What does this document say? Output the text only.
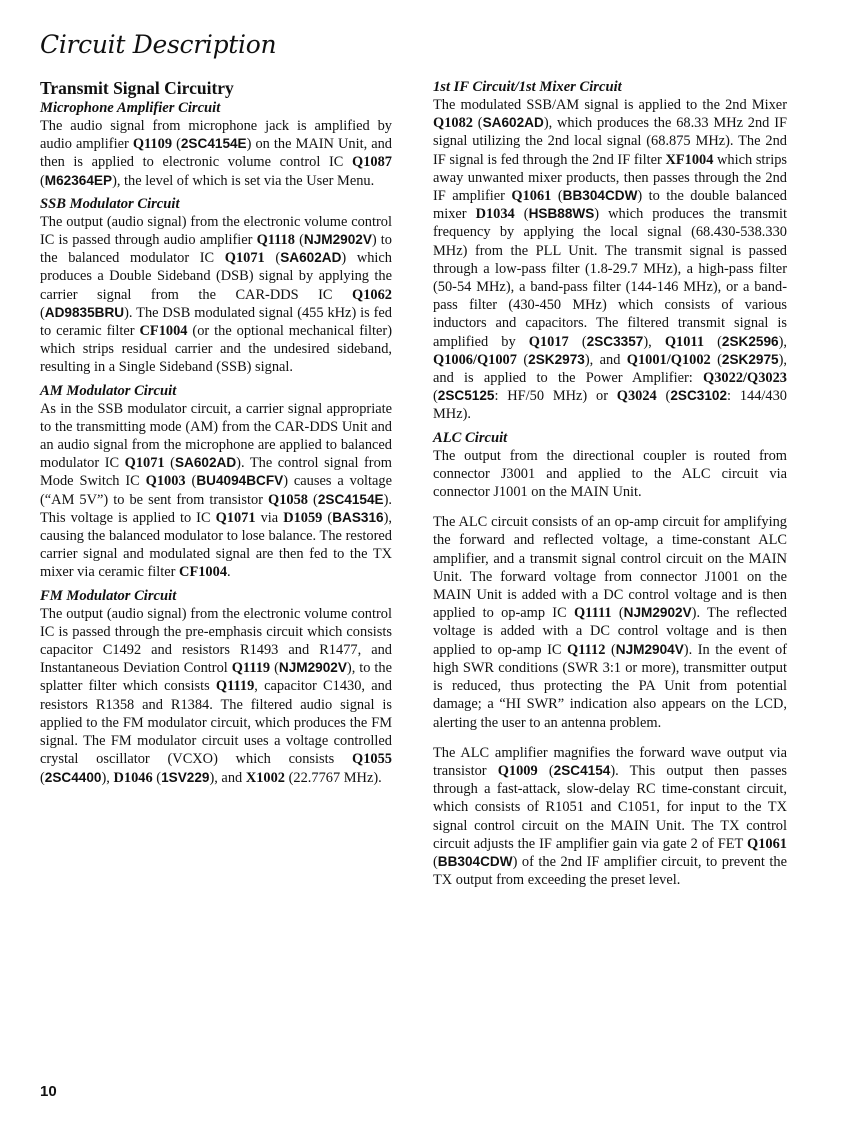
Circuit Description
Transmit Signal Circuitry
Microphone Amplifier Circuit

The audio signal from microphone jack is amplified by audio amplifier Q1109 (2SC4154E) on the MAIN Unit, and then is applied to electronic volume control IC Q1087 (M62364EP), the level of which is set via the User Menu.

SSB Modulator Circuit

The output (audio signal) from the electronic volume control IC is passed through audio amplifier Q1118 (NJM2902V) to the balanced modulator IC Q1071 (SA602AD) which produces a Double Sideband (DSB) signal by applying the carrier signal from the CAR-DDS IC Q1062 (AD9835BRU). The DSB modulated signal (455 kHz) is fed to ceramic filter CF1004 (or the optional mechanical filter) which strips residual carrier and the undesired sideband, resulting in a Single Sideband (SSB) signal.

AM Modulator Circuit

As in the SSB modulator circuit, a carrier signal appropriate to the transmitting mode (AM) from the CAR-DDS Unit and an audio signal from the microphone are applied to balanced modulator IC Q1071 (SA602AD). The control signal from Mode Switch IC Q1003 (BU4094BCFV) causes a voltage (“AM 5V”) to be sent from transistor Q1058 (2SC4154E). This voltage is applied to IC Q1071 via D1059 (BAS316), causing the balanced modulator to lose balance. The restored carrier signal and modulated signal are then fed to the TX mixer via ceramic filter CF1004.

FM Modulator Circuit

The output (audio signal) from the electronic volume control IC is passed through the pre-emphasis circuit which consists capacitor C1492 and resistors R1493 and R1477, and Instantaneous Deviation Control Q1119 (NJM2902V), to the splatter filter which consists Q1119, capacitor C1430, and resistors R1358 and R1384. The filtered audio signal is applied to the FM modulator circuit, which produces the FM signal. The FM modulator circuit uses a voltage controlled crystal oscillator (VCXO) which consists Q1055 (2SC4400), D1046 (1SV229), and X1002 (22.7767 MHz).

1st IF Circuit/1st Mixer Circuit

The modulated SSB/AM signal is applied to the 2nd Mixer Q1082 (SA602AD), which produces the 68.33 MHz 2nd IF signal utilizing the 2nd local signal (68.875 MHz). The 2nd IF signal is fed through the 2nd IF filter XF1004 which strips away unwanted mixer products, then passes through the 2nd IF amplifier Q1061 (BB304CDW) to the double balanced mixer D1034 (HSB88WS) which produces the transmit frequency by applying the local signal (68.430-538.330 MHz) from the PLL Unit. The transmit signal is passed through a low-pass filter (1.8-29.7 MHz), a high-pass filter (50-54 MHz), a band-pass filter (144-146 MHz), or a band-pass filter (430-450 MHz) which consists of various inductors and capacitors. The filtered transmit signal is amplified by Q1017 (2SC3357), Q1011 (2SK2596), Q1006/Q1007 (2SK2973), and Q1001/Q1002 (2SK2975), and is applied to the Power Amplifier: Q3022/Q3023 (2SC5125: HF/50 MHz) or Q3024 (2SC3102: 144/430 MHz).

ALC Circuit

The output from the directional coupler is routed from connector J3001 and applied to the ALC circuit via connector J1001 on the MAIN Unit.

The ALC circuit consists of an op-amp circuit for amplifying the forward and reflected voltage, a time-constant ALC amplifier, and a transmit signal control circuit on the MAIN Unit. The forward voltage from connector J1001 on the MAIN Unit is added with a DC control voltage and is then applied to op-amp IC Q1111 (NJM2902V). The reflected voltage is added with a DC control voltage and is then applied to op-amp IC Q1112 (NJM2904V). In the event of high SWR conditions (SWR 3:1 or more), transmitter output is reduced, thus protecting the PA Unit from potential damage; a “HI SWR” indication also appears on the LCD, alerting the user to an antenna problem.

The ALC amplifier magnifies the forward wave output via transistor Q1009 (2SC4154). This output then passes through a fast-attack, slow-delay RC time-constant circuit, which consists of R1051 and C1051, for input to the TX signal control circuit on the MAIN Unit. The TX control circuit adjusts the IF amplifier gain via gate 2 of FET Q1061 (BB304CDW) of the 2nd IF amplifier circuit, to prevent the TX output from exceeding the preset level.

10
